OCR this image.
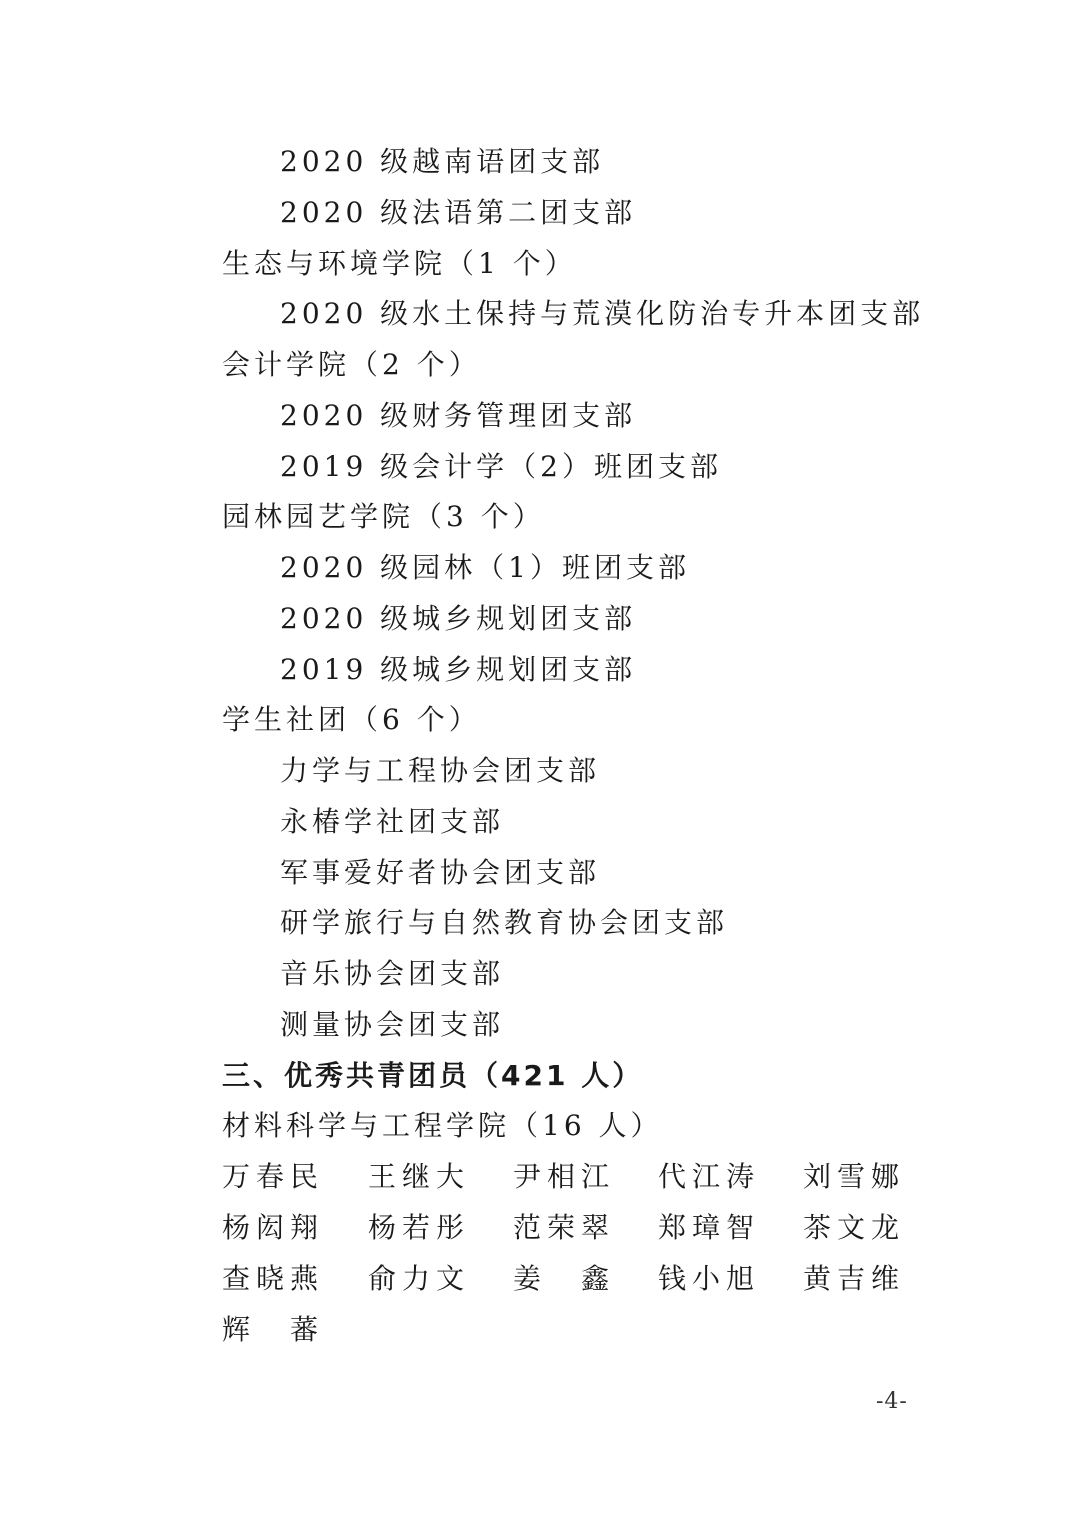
2020 级越南语团支部
2020 级法语第二团支部
生态与环境学院（1 个）
2020 级水土保持与荒漠化防治专升本团支部
会计学院（2 个）
2020 级财务管理团支部
2019 级会计学（2）班团支部
园林园艺学院（3 个）
2020 级园林（1）班团支部
2020 级城乡规划团支部
2019 级城乡规划团支部
学生社团（6 个）
力学与工程协会团支部
永椿学社团支部
军事爱好者协会团支部
研学旅行与自然教育协会团支部
音乐协会团支部
测量协会团支部
三、优秀共青团员（421 人）
材料科学与工程学院（16 人）
万春民 王继大 尹相江 代江涛 刘雪娜
杨闳翔 杨若彤 范荣翠 郑璋智 茶文龙
查晓燕 俞力文 姜　鑫 钱小旭 黄吉维
辉　蕃
-4-
